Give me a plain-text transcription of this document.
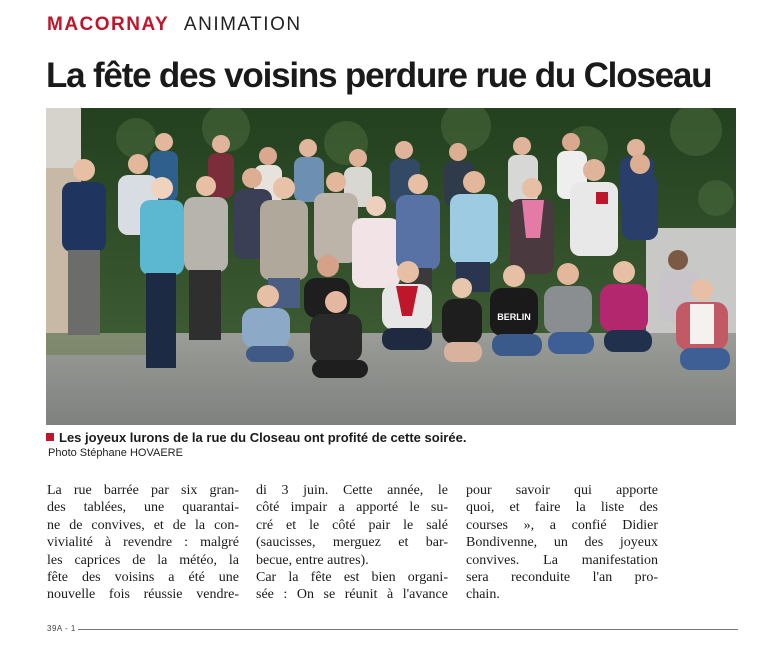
MACORNAY ANIMATION
La fête des voisins perdure rue du Closeau
BERLIN
Les joyeux lurons de la rue du Closeau ont profité de cette soirée.
Photo Stéphane HOVAERE
La rue barrée par six gran-
des tablées, une quarantai-
ne de convives, et de la con-
vivialité à revendre : malgré
les caprices de la météo, la
fête des voisins a été une
nouvelle fois réussie vendre-
di 3 juin. Cette année, le
côté impair a apporté le su-
cré et le côté pair le salé
(saucisses, merguez et bar-
becue, entre autres).
Car la fête est bien organi-
sée : On se réunit à l'avance
pour savoir qui apporte
quoi, et faire la liste des
courses », a confié Didier
Bondivenne, un des joyeux
convives. La manifestation
sera reconduite l'an pro-
chain.
39A - 1
